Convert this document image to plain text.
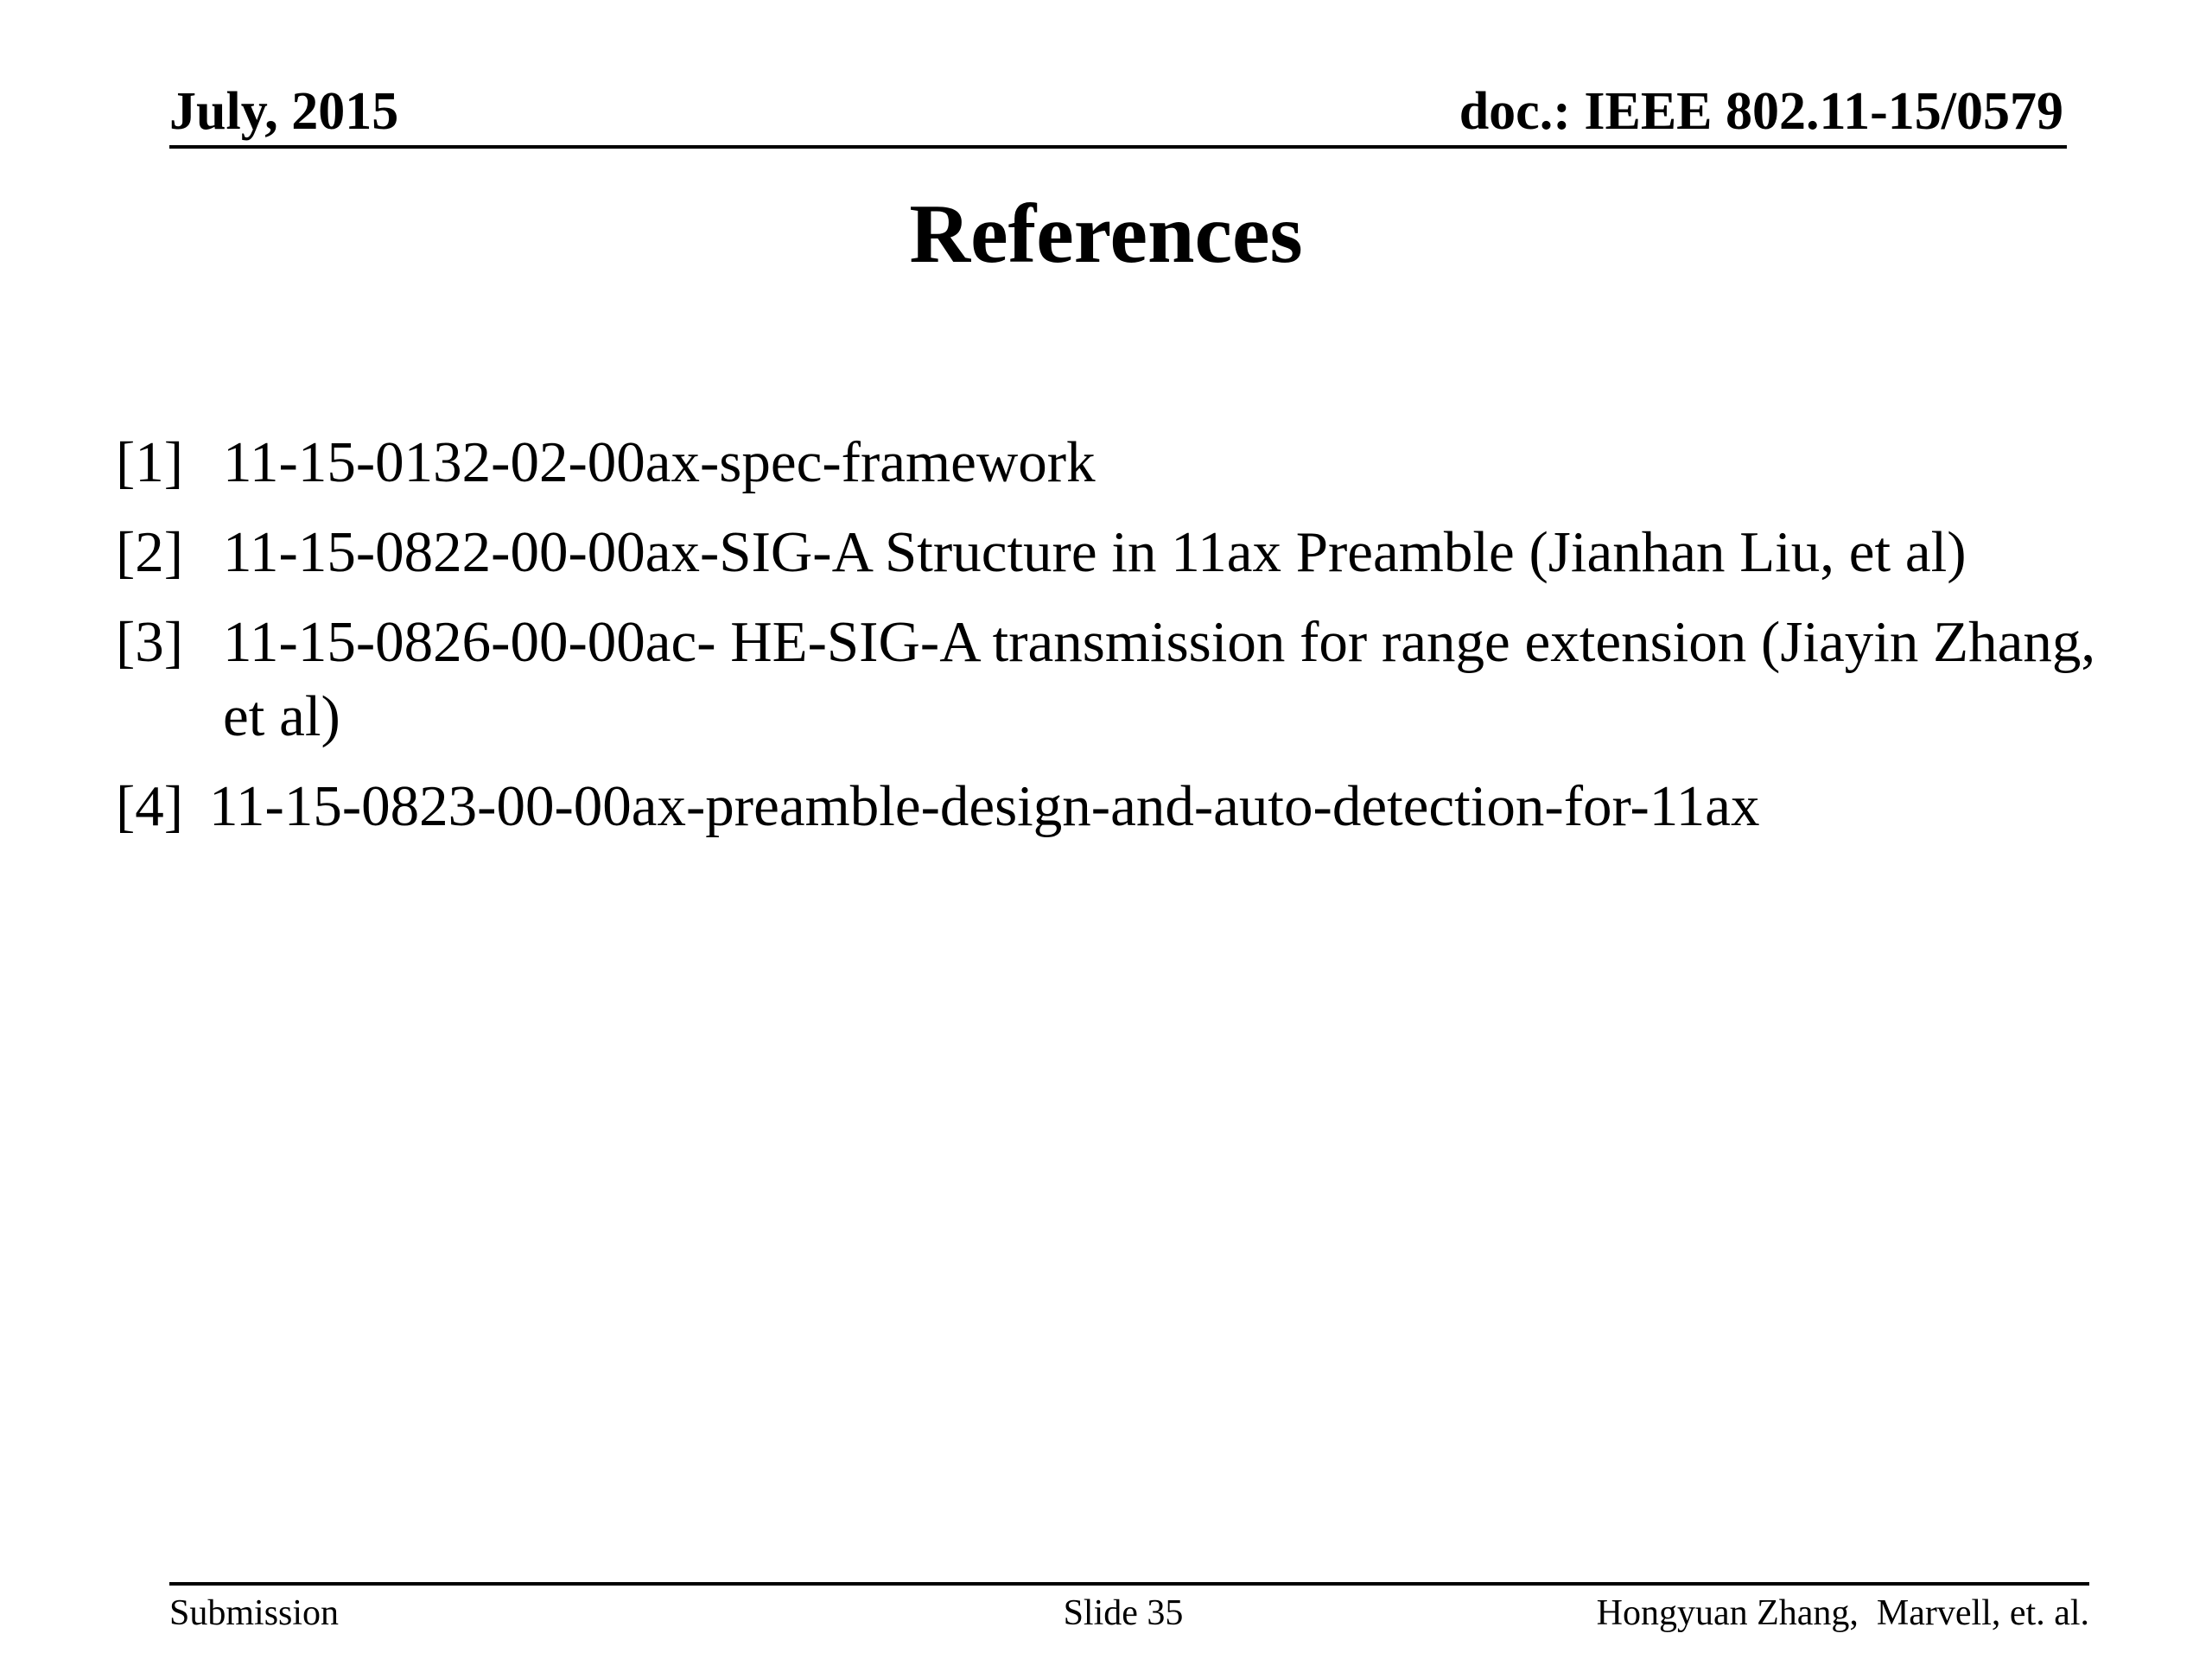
July, 2015	doc.: IEEE 802.11-15/0579
References
[1] 11-15-0132-02-00ax-spec-framework
[2] 11-15-0822-00-00ax-SIG-A Structure in 11ax Preamble (Jianhan Liu, et al)
[3] 11-15-0826-00-00ac- HE-SIG-A transmission for range extension (Jiayin Zhang, et al)
[4] 11-15-0823-00-00ax-preamble-design-and-auto-detection-for-11ax
Submission	Slide 35	Hongyuan Zhang,  Marvell, et. al.
